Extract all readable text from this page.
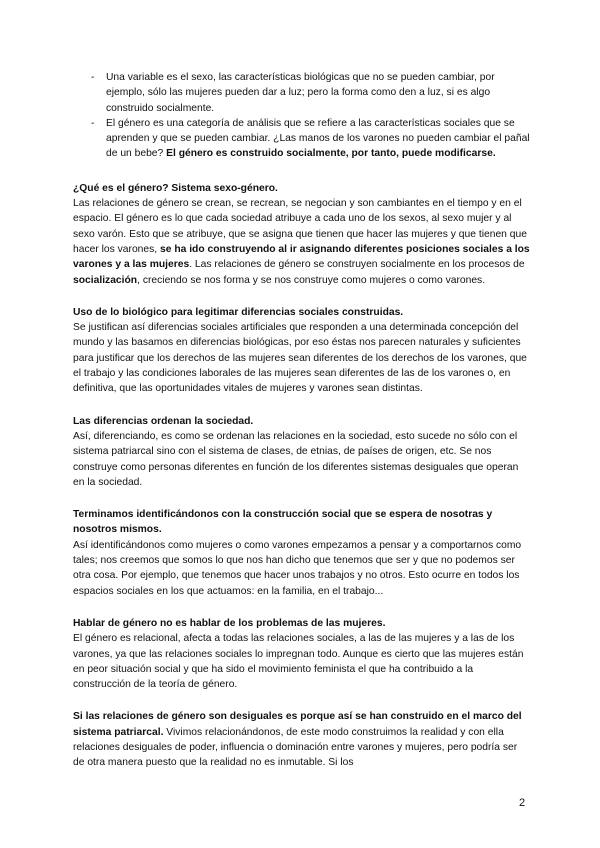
- Una variable es el sexo, las características biológicas que no se pueden cambiar, por ejemplo, sólo las mujeres pueden dar a luz; pero la forma como den a luz, si es algo construido socialmente.
- El género es una categoría de análisis que se refiere a las características sociales que se aprenden y que se pueden cambiar. ¿Las manos de los varones no pueden cambiar el pañal de un bebe? El género es construido socialmente, por tanto, puede modificarse.
¿Qué es el género? Sistema sexo-género.

Las relaciones de género se crean, se recrean, se negocian y son cambiantes en el tiempo y en el espacio. El género es lo que cada sociedad atribuye a cada uno de los sexos, al sexo mujer y al sexo varón. Esto que se atribuye, que se asigna que tienen que hacer las mujeres y que tienen que hacer los varones, se ha ido construyendo al ir asignando diferentes posiciones sociales a los varones y a las mujeres. Las relaciones de género se construyen socialmente en los procesos de socialización, creciendo se nos forma y se nos construye como mujeres o como varones.

Uso de lo biológico para legitimar diferencias sociales construidas.

Se justifican así diferencias sociales artificiales que responden a una determinada concepción del mundo y las basamos en diferencias biológicas, por eso éstas nos parecen naturales y suficientes para justificar que los derechos de las mujeres sean diferentes de los derechos de los varones, que el trabajo y las condiciones laborales de las mujeres sean diferentes de las de los varones o, en definitiva, que las oportunidades vitales de mujeres y varones sean distintas.

Las diferencias ordenan la sociedad.

Así, diferenciando, es como se ordenan las relaciones en la sociedad, esto sucede no sólo con el sistema patriarcal sino con el sistema de clases, de etnias, de países de origen, etc. Se nos construye como personas diferentes en función de los diferentes sistemas desiguales que operan en la sociedad.

Terminamos identificándonos con la construcción social que se espera de nosotras y nosotros mismos.

Así identificándonos como mujeres o como varones empezamos a pensar y a comportarnos como tales; nos creemos que somos lo que nos han dicho que tenemos que ser y que no podemos ser otra cosa. Por ejemplo, que tenemos que hacer unos trabajos y no otros. Esto ocurre en todos los espacios sociales en los que actuamos: en la familia, en el trabajo...

Hablar de género no es hablar de los problemas de las mujeres.

El género es relacional, afecta a todas las relaciones sociales, a las de las mujeres y a las de los varones, ya que las relaciones sociales lo impregnan todo. Aunque es cierto que las mujeres están en peor situación social y que ha sido el movimiento feminista el que ha contribuido a la construcción de la teoría de género.

Si las relaciones de género son desiguales es porque así se han construido en el marco del sistema patriarcal. Vivimos relacionándonos, de este modo construimos la realidad y con ella relaciones desiguales de poder, influencia o dominación entre varones y mujeres, pero podría ser de otra manera puesto que la realidad no es inmutable. Si los

2
